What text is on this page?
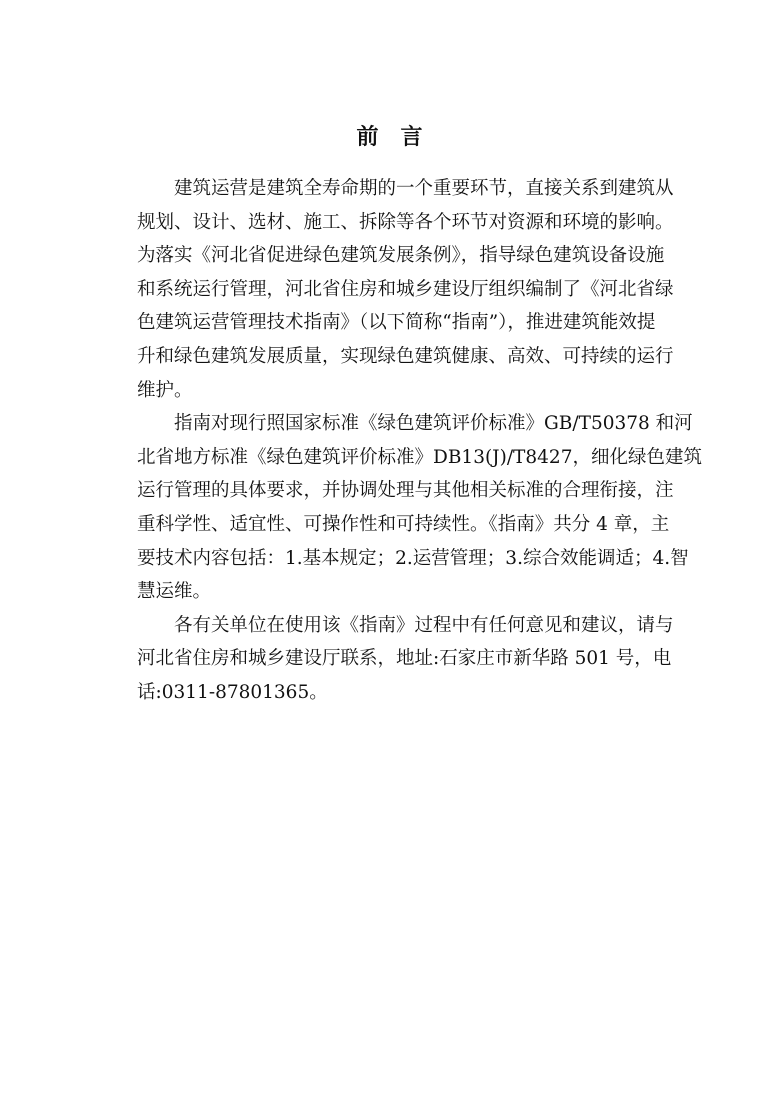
前　言
建筑运营是建筑全寿命期的一个重要环节，直接关系到建筑从
规划、设计、选材、施工、拆除等各个环节对资源和环境的影响。
为落实《河北省促进绿色建筑发展条例》，指导绿色建筑设备设施
和系统运行管理，河北省住房和城乡建设厅组织编制了《河北省绿
色建筑运营管理技术指南》（以下简称“指南”），推进建筑能效提
升和绿色建筑发展质量，实现绿色建筑健康、高效、可持续的运行
维护。
指南对现行照国家标准《绿色建筑评价标准》GB/T50378 和河
北省地方标准《绿色建筑评价标准》DB13(J)/T8427，细化绿色建筑
运行管理的具体要求，并协调处理与其他相关标准的合理衔接，注
重科学性、适宜性、可操作性和可持续性。《指南》共分 4 章，主
要技术内容包括：1.基本规定；2.运营管理；3.综合效能调适；4.智
慧运维。
各有关单位在使用该《指南》过程中有任何意见和建议，请与
河北省住房和城乡建设厅联系，地址:石家庄市新华路 501 号，电
话:0311-87801365。
